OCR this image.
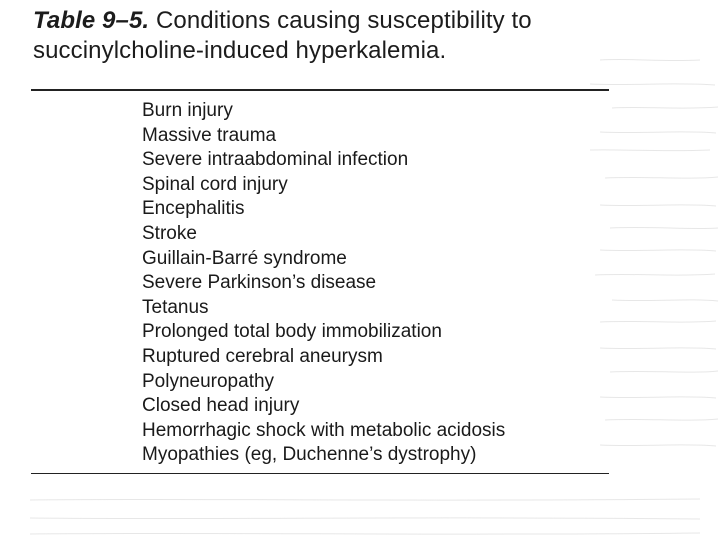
Table 9–5. Conditions causing susceptibility to
succinylcholine-induced hyperkalemia.
Burn injury
Massive trauma
Severe intraabdominal infection
Spinal cord injury
Encephalitis
Stroke
Guillain-Barré syndrome
Severe Parkinson’s disease
Tetanus
Prolonged total body immobilization
Ruptured cerebral aneurysm
Polyneuropathy
Closed head injury
Hemorrhagic shock with metabolic acidosis
Myopathies (eg, Duchenne’s dystrophy)
